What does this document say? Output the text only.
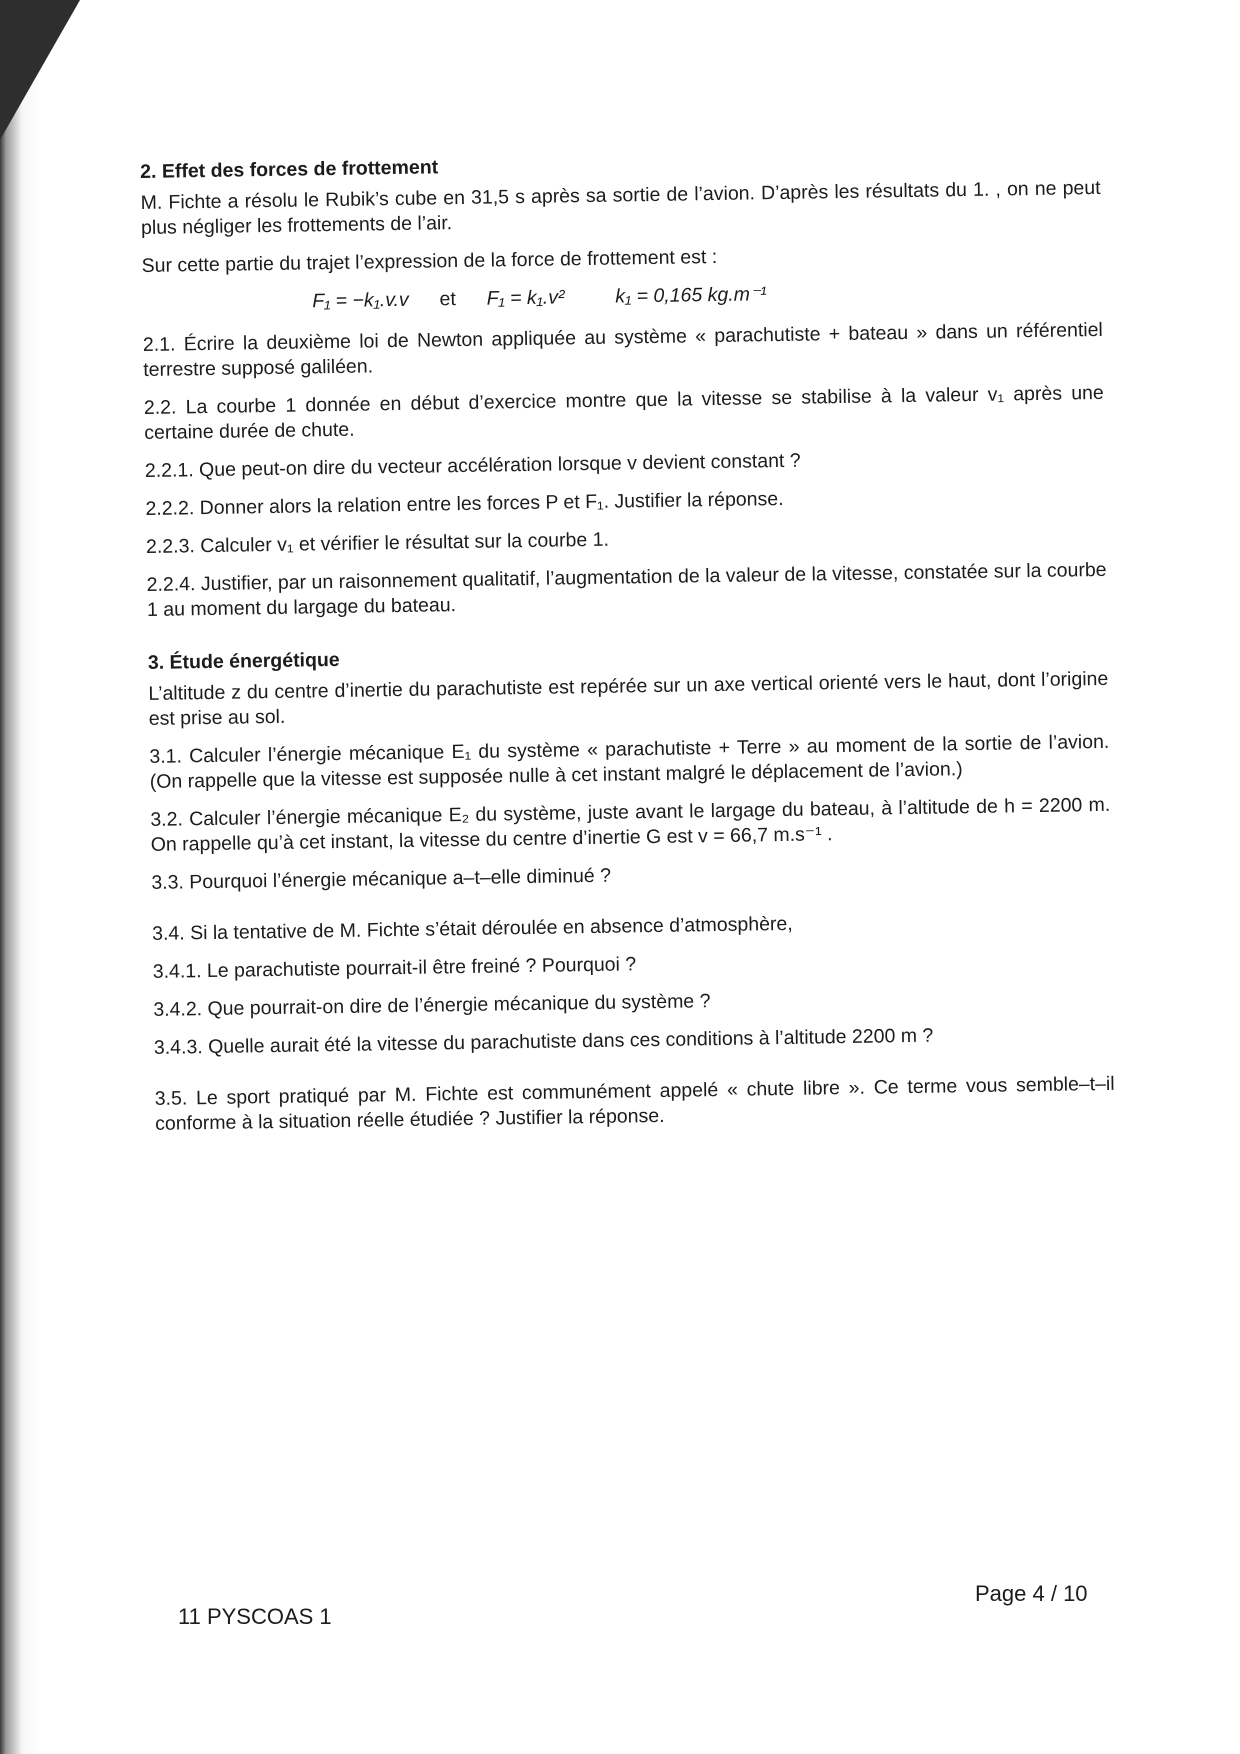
2. Effet des forces de frottement
M. Fichte a résolu le Rubik’s cube en 31,5 s après sa sortie de l’avion. D’après les résultats du 1. , on ne peut plus négliger les frottements de l’air.
Sur cette partie du trajet l’expression de la force de frottement est :
F₁ = −k₁.v.v et F₁ = k₁.v²	k₁ = 0,165 kg.m⁻¹
2.1. Écrire la deuxième loi de Newton appliquée au système « parachutiste + bateau » dans un référentiel terrestre supposé galiléen.
2.2. La courbe 1 donnée en début d’exercice montre que la vitesse se stabilise à la valeur v₁ après une certaine durée de chute.
2.2.1. Que peut-on dire du vecteur accélération lorsque v devient constant ?
2.2.2. Donner alors la relation entre les forces P et F₁. Justifier la réponse.
2.2.3. Calculer v₁ et vérifier le résultat sur la courbe 1.
2.2.4. Justifier, par un raisonnement qualitatif, l’augmentation de la valeur de la vitesse, constatée sur la courbe 1 au moment du largage du bateau.
3. Étude énergétique
L’altitude z du centre d’inertie du parachutiste est repérée sur un axe vertical orienté vers le haut, dont l’origine est prise au sol.
3.1. Calculer l’énergie mécanique E₁ du système « parachutiste + Terre » au moment de la sortie de l’avion. (On rappelle que la vitesse est supposée nulle à cet instant malgré le déplacement de l’avion.)
3.2. Calculer l’énergie mécanique E₂ du système, juste avant le largage du bateau, à l’altitude de h = 2200 m. On rappelle qu’à cet instant, la vitesse du centre d’inertie G est v = 66,7 m.s⁻¹ .
3.3. Pourquoi l’énergie mécanique a–t–elle diminué ?
3.4. Si la tentative de M. Fichte s’était déroulée en absence d’atmosphère,
3.4.1. Le parachutiste pourrait-il être freiné ? Pourquoi ?
3.4.2. Que pourrait-on dire de l’énergie mécanique du système ?
3.4.3. Quelle aurait été la vitesse du parachutiste dans ces conditions à l’altitude 2200 m ?
3.5. Le sport pratiqué par M. Fichte est communément appelé « chute libre ». Ce terme vous semble–t–il conforme à la situation réelle étudiée ? Justifier la réponse.
11 PYSCOAS 1
Page 4 / 10
